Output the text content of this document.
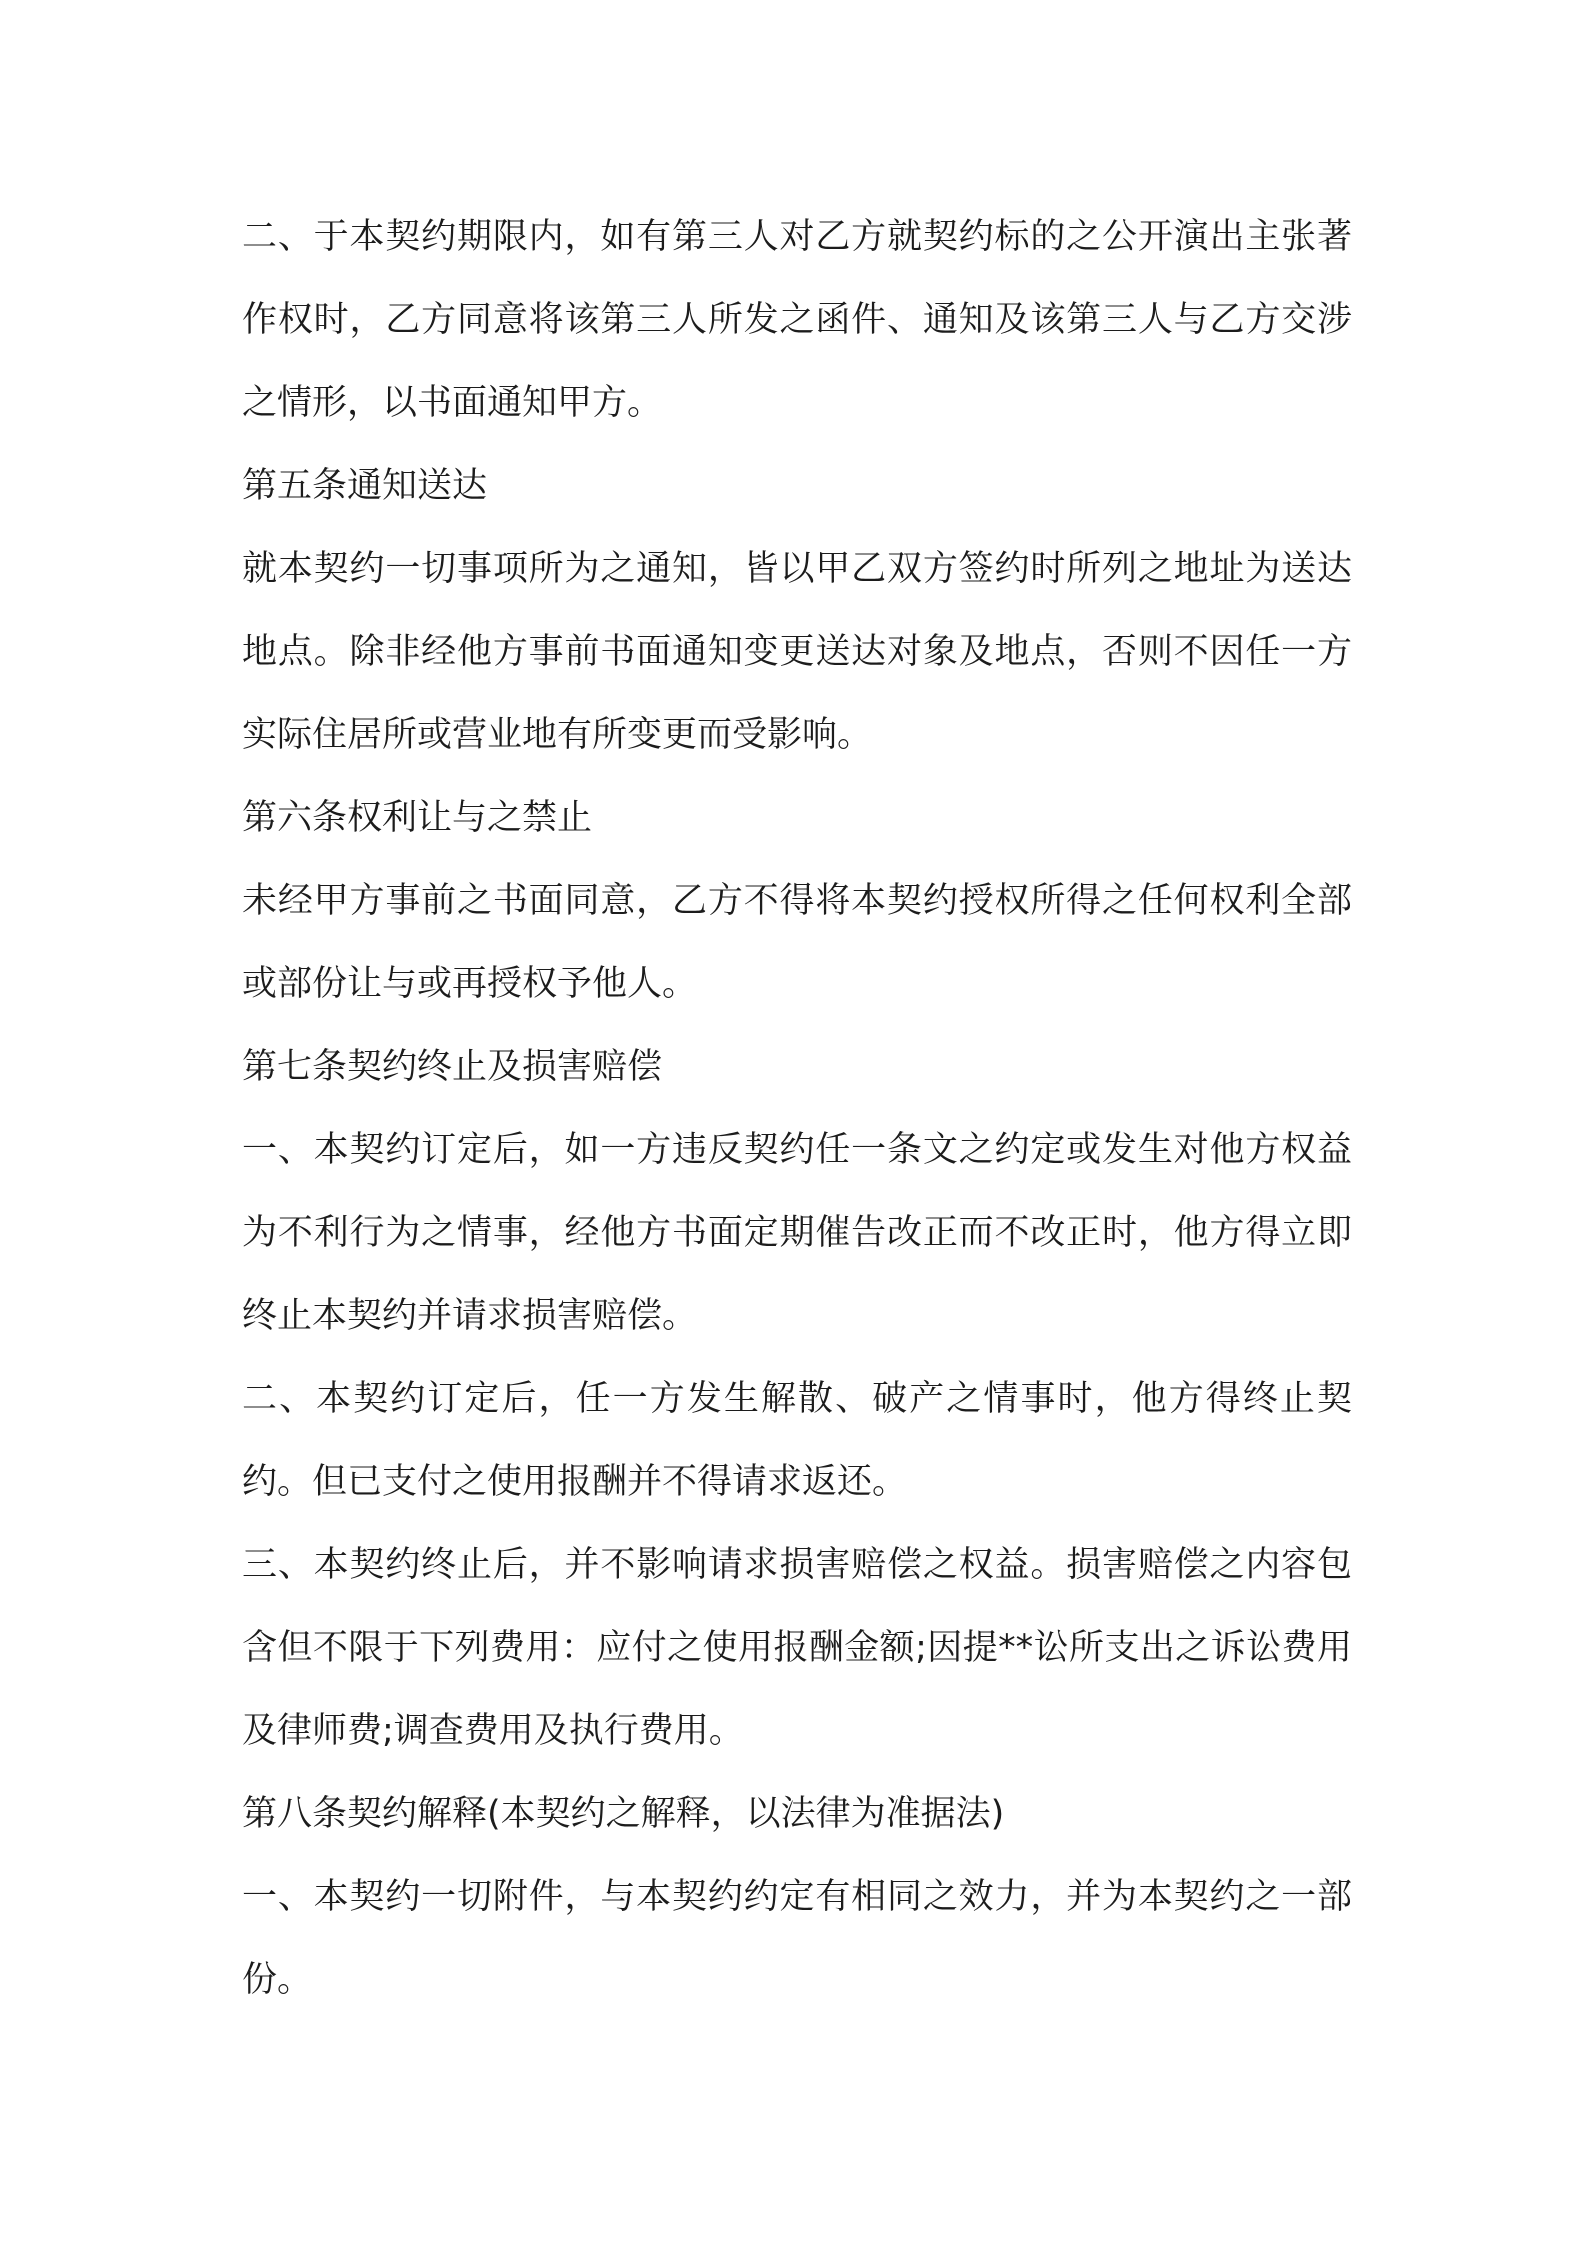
二、于本契约期限内，如有第三人对乙方就契约标的之公开演出主张著作权时，乙方同意将该第三人所发之函件、通知及该第三人与乙方交涉之情形，以书面通知甲方。

第五条通知送达

就本契约一切事项所为之通知，皆以甲乙双方签约时所列之地址为送达地点。除非经他方事前书面通知变更送达对象及地点，否则不因任一方实际住居所或营业地有所变更而受影响。

第六条权利让与之禁止

未经甲方事前之书面同意，乙方不得将本契约授权所得之任何权利全部或部份让与或再授权予他人。

第七条契约终止及损害赔偿

一、本契约订定后，如一方违反契约任一条文之约定或发生对他方权益为不利行为之情事，经他方书面定期催告改正而不改正时，他方得立即终止本契约并请求损害赔偿。

二、本契约订定后，任一方发生解散、破产之情事时，他方得终止契约。但已支付之使用报酬并不得请求返还。

三、本契约终止后，并不影响请求损害赔偿之权益。损害赔偿之内容包含但不限于下列费用：应付之使用报酬金额;因提**讼所支出之诉讼费用及律师费;调查费用及执行费用。

第八条契约解释(本契约之解释，以法律为准据法)

一、本契约一切附件，与本契约约定有相同之效力，并为本契约之一部份。
